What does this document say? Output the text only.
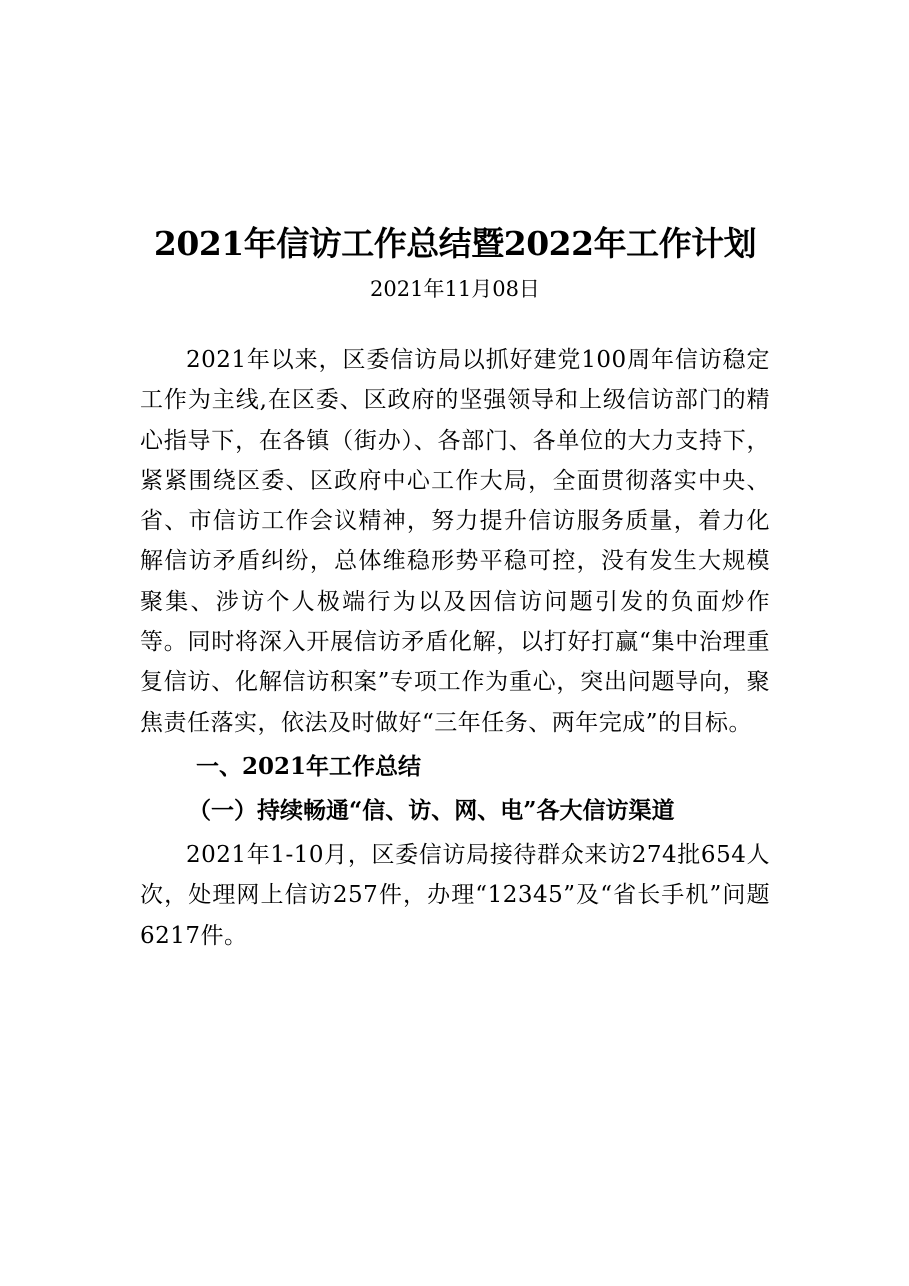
2021年信访工作总结暨2022年工作计划
2021年11月08日

2021年以来，区委信访局以抓好建党100周年信访稳定工作为主线,在区委、区政府的坚强领导和上级信访部门的精心指导下，在各镇（街办）、各部门、各单位的大力支持下，紧紧围绕区委、区政府中心工作大局，全面贯彻落实中央、省、市信访工作会议精神，努力提升信访服务质量，着力化解信访矛盾纠纷，总体维稳形势平稳可控，没有发生大规模聚集、涉访个人极端行为以及因信访问题引发的负面炒作等。同时将深入开展信访矛盾化解，以打好打赢“集中治理重复信访、化解信访积案”专项工作为重心，突出问题导向，聚焦责任落实，依法及时做好“三年任务、两年完成”的目标。

一、2021年工作总结
（一）持续畅通“信、访、网、电”各大信访渠道

2021年1-10月，区委信访局接待群众来访274批654人次，处理网上信访257件，办理“12345”及“省长手机”问题6217件。
